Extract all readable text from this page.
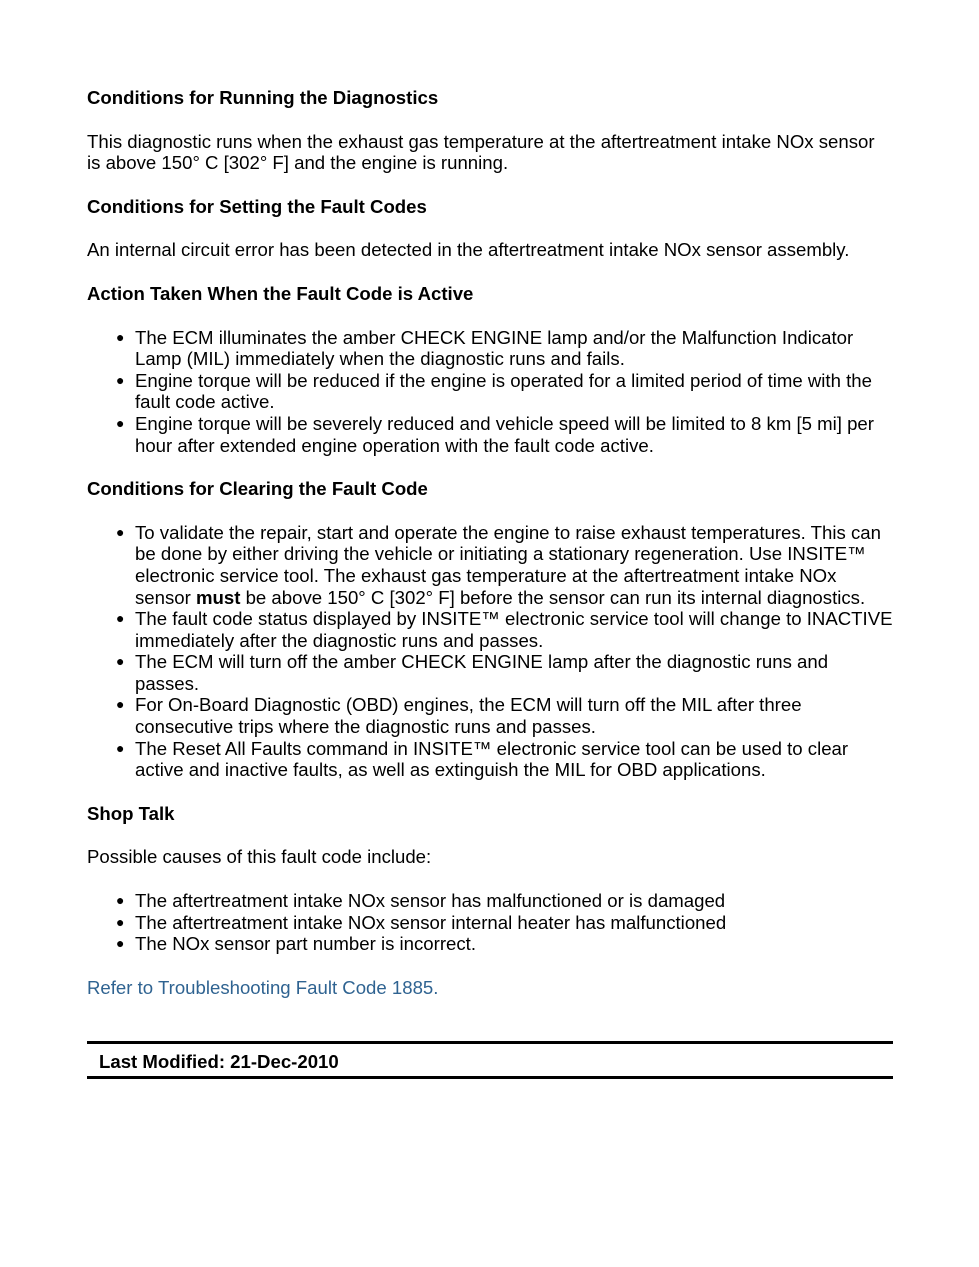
Conditions for Running the Diagnostics

This diagnostic runs when the exhaust gas temperature at the aftertreatment intake NOx sensor is above 150° C [302° F] and the engine is running.

Conditions for Setting the Fault Codes

An internal circuit error has been detected in the aftertreatment intake NOx sensor assembly.

Action Taken When the Fault Code is Active
● The ECM illuminates the amber CHECK ENGINE lamp and/or the Malfunction Indicator Lamp (MIL) immediately when the diagnostic runs and fails.
● Engine torque will be reduced if the engine is operated for a limited period of time with the fault code active.
● Engine torque will be severely reduced and vehicle speed will be limited to 8 km [5 mi] per hour after extended engine operation with the fault code active.
Conditions for Clearing the Fault Code
● To validate the repair, start and operate the engine to raise exhaust temperatures. This can be done by either driving the vehicle or initiating a stationary regeneration. Use INSITE™ electronic service tool. The exhaust gas temperature at the aftertreatment intake NOx sensor must be above 150° C [302° F] before the sensor can run its internal diagnostics.
● The fault code status displayed by INSITE™ electronic service tool will change to INACTIVE immediately after the diagnostic runs and passes.
● The ECM will turn off the amber CHECK ENGINE lamp after the diagnostic runs and passes.
● For On-Board Diagnostic (OBD) engines, the ECM will turn off the MIL after three consecutive trips where the diagnostic runs and passes.
● The Reset All Faults command in INSITE™ electronic service tool can be used to clear active and inactive faults, as well as extinguish the MIL for OBD applications.
Shop Talk

Possible causes of this fault code include:

● The aftertreatment intake NOx sensor has malfunctioned or is damaged
● The aftertreatment intake NOx sensor internal heater has malfunctioned
● The NOx sensor part number is incorrect.
Refer to Troubleshooting Fault Code 1885.
Last Modified: 21-Dec-2010
